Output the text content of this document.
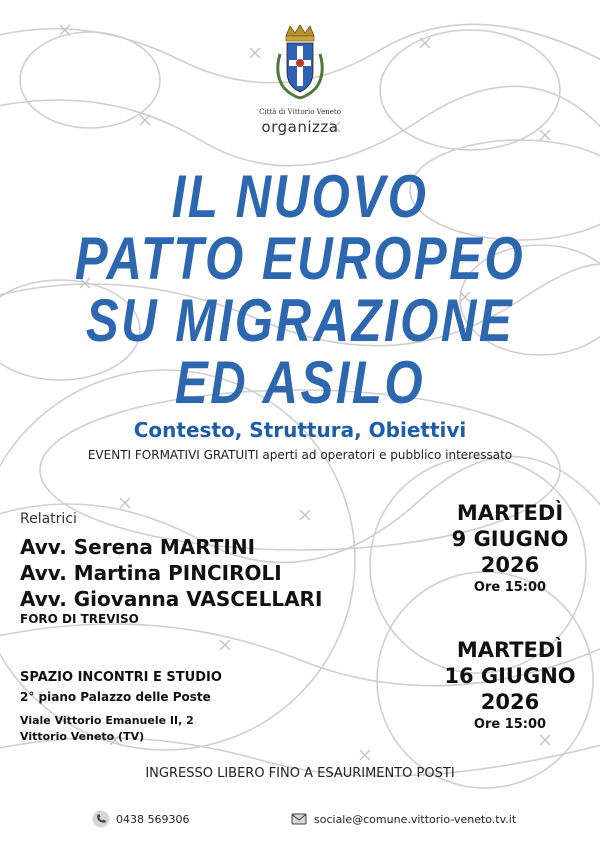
Città di Vittorio Veneto
organizza
IL NUOVO
PATTO EUROPEO
SU MIGRAZIONE
ED ASILO
Contesto, Struttura, Obiettivi
EVENTI FORMATIVI GRATUITI aperti ad operatori e pubblico interessato
Relatrici
Avv. Serena MARTINI
Avv. Martina PINCIROLI
Avv. Giovanna VASCELLARI
FORO DI TREVISO
SPAZIO INCONTRI E STUDIO
2° piano Palazzo delle Poste
Viale Vittorio Emanuele II, 2
Vittorio Veneto (TV)
MARTEDÌ
9 GIUGNO
2026
Ore 15:00
MARTEDÌ
16 GIUGNO
2026
Ore 15:00
INGRESSO LIBERO FINO A ESAURIMENTO POSTI
0438 569306	sociale@comune.vittorio-veneto.tv.it
